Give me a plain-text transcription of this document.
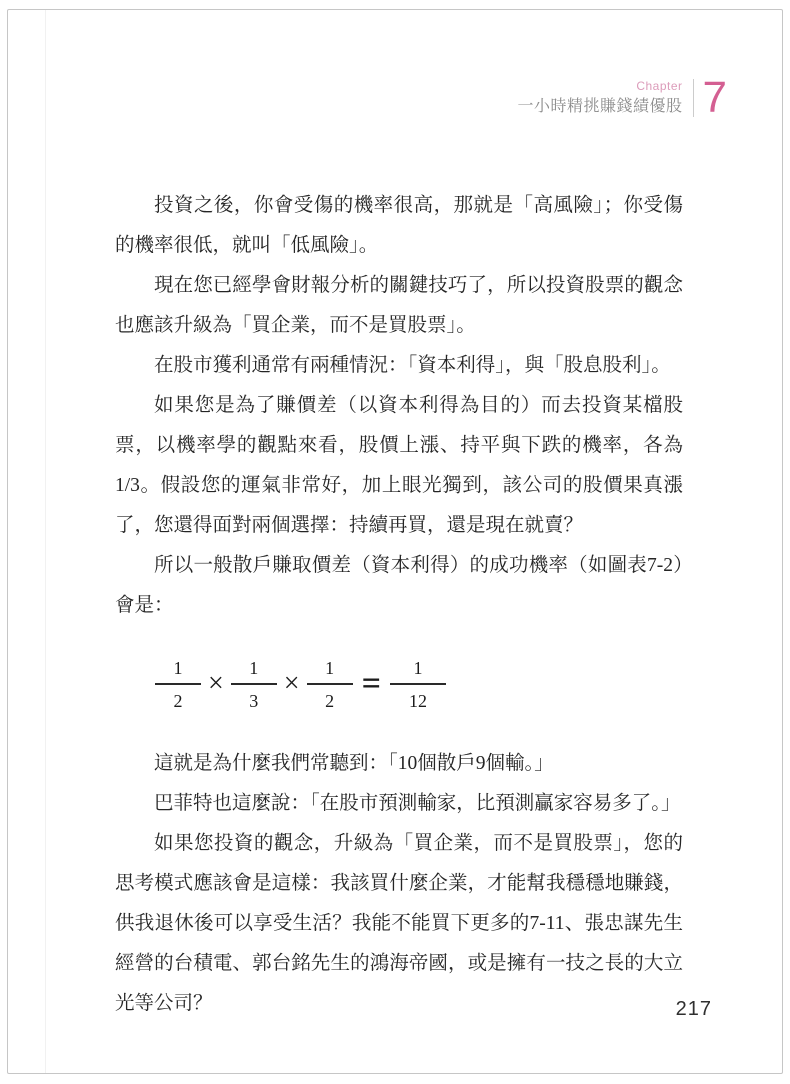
Chapter
一小時精挑賺錢績優股 7

投資之後，你會受傷的機率很高，那就是「高風險」；你受傷的機率很低，就叫「低風險」。

現在您已經學會財報分析的關鍵技巧了，所以投資股票的觀念也應該升級為「買企業，而不是買股票」。

在股市獲利通常有兩種情況：「資本利得」，與「股息股利」。

如果您是為了賺價差（以資本利得為目的）而去投資某檔股票，以機率學的觀點來看，股價上漲、持平與下跌的機率，各為1/3。假設您的運氣非常好，加上眼光獨到，該公司的股價果真漲了，您還得面對兩個選擇：持續再買，還是現在就賣？

所以一般散戶賺取價差（資本利得）的成功機率（如圖表7-2）會是：

$\frac{1}{2} \times \frac{1}{3} \times \frac{1}{2} = \frac{1}{12}$

這就是為什麼我們常聽到：「10個散戶9個輸。」

巴菲特也這麼說：「在股市預測輸家，比預測贏家容易多了。」

如果您投資的觀念，升級為「買企業，而不是買股票」，您的思考模式應該會是這樣：我該買什麼企業，才能幫我穩穩地賺錢，供我退休後可以享受生活？我能不能買下更多的7-11、張忠謀先生經營的台積電、郭台銘先生的鴻海帝國，或是擁有一技之長的大立光等公司？	217
